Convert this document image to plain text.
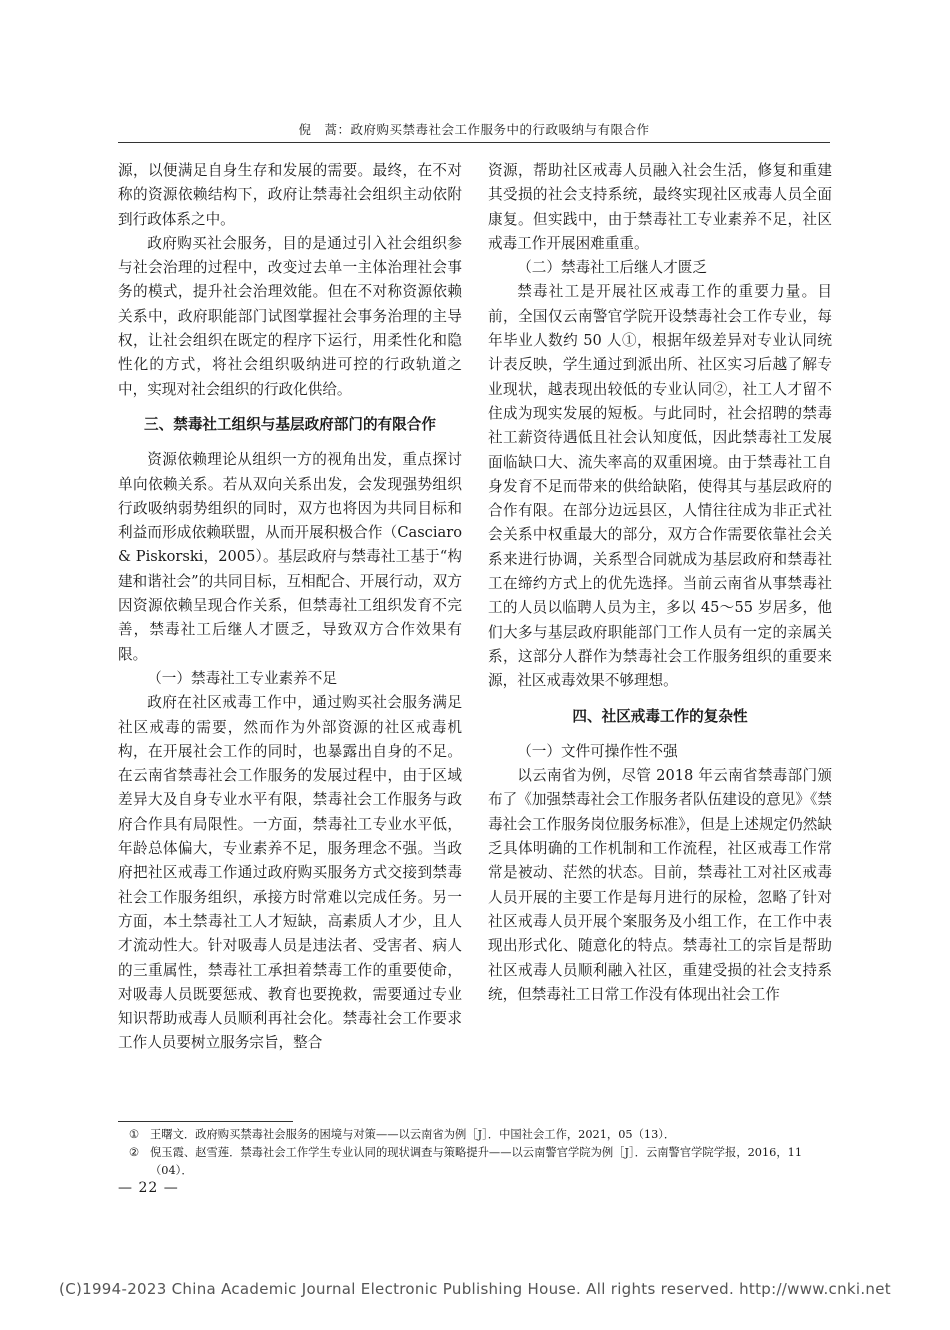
倪　蒿：政府购买禁毒社会工作服务中的行政吸纳与有限合作

源，以便满足自身生存和发展的需要。最终，在不对称的资源依赖结构下，政府让禁毒社会组织主动依附到行政体系之中。

政府购买社会服务，目的是通过引入社会组织参与社会治理的过程中，改变过去单一主体治理社会事务的模式，提升社会治理效能。但在不对称资源依赖关系中，政府职能部门试图掌握社会事务治理的主导权，让社会组织在既定的程序下运行，用柔性化和隐性化的方式，将社会组织吸纳进可控的行政轨道之中，实现对社会组织的行政化供给。

三、禁毒社工组织与基层政府部门的有限合作

资源依赖理论从组织一方的视角出发，重点探讨单向依赖关系。若从双向关系出发，会发现强势组织行政吸纳弱势组织的同时，双方也将因为共同目标和利益而形成依赖联盟，从而开展积极合作（Casciaro & Piskorski，2005）。基层政府与禁毒社工基于“构建和谐社会”的共同目标，互相配合、开展行动，双方因资源依赖呈现合作关系，但禁毒社工组织发育不完善，禁毒社工后继人才匮乏，导致双方合作效果有限。

（一）禁毒社工专业素养不足

政府在社区戒毒工作中，通过购买社会服务满足社区戒毒的需要，然而作为外部资源的社区戒毒机构，在开展社会工作的同时，也暴露出自身的不足。在云南省禁毒社会工作服务的发展过程中，由于区域差异大及自身专业水平有限，禁毒社会工作服务与政府合作具有局限性。一方面，禁毒社工专业水平低，年龄总体偏大，专业素养不足，服务理念不强。当政府把社区戒毒工作通过政府购买服务方式交接到禁毒社会工作服务组织，承接方时常难以完成任务。另一方面，本土禁毒社工人才短缺，高素质人才少，且人才流动性大。针对吸毒人员是违法者、受害者、病人的三重属性，禁毒社工承担着禁毒工作的重要使命，对吸毒人员既要惩戒、教育也要挽救，需要通过专业知识帮助戒毒人员顺利再社会化。禁毒社会工作要求工作人员要树立服务宗旨，整合

资源，帮助社区戒毒人员融入社会生活，修复和重建其受损的社会支持系统，最终实现社区戒毒人员全面康复。但实践中，由于禁毒社工专业素养不足，社区戒毒工作开展困难重重。

（二）禁毒社工后继人才匮乏

禁毒社工是开展社区戒毒工作的重要力量。目前，全国仅云南警官学院开设禁毒社会工作专业，每年毕业人数约 50 人①，根据年级差异对专业认同统计表反映，学生通过到派出所、社区实习后越了解专业现状，越表现出较低的专业认同②，社工人才留不住成为现实发展的短板。与此同时，社会招聘的禁毒社工薪资待遇低且社会认知度低，因此禁毒社工发展面临缺口大、流失率高的双重困境。由于禁毒社工自身发育不足而带来的供给缺陷，使得其与基层政府的合作有限。在部分边远县区，人情往往成为非正式社会关系中权重最大的部分，双方合作需要依靠社会关系来进行协调，关系型合同就成为基层政府和禁毒社工在缔约方式上的优先选择。当前云南省从事禁毒社工的人员以临聘人员为主，多以 45～55 岁居多，他们大多与基层政府职能部门工作人员有一定的亲属关系，这部分人群作为禁毒社会工作服务组织的重要来源，社区戒毒效果不够理想。

四、社区戒毒工作的复杂性

（一）文件可操作性不强

以云南省为例，尽管 2018 年云南省禁毒部门颁布了《加强禁毒社会工作服务者队伍建设的意见》《禁毒社会工作服务岗位服务标准》，但是上述规定仍然缺乏具体明确的工作机制和工作流程，社区戒毒工作常常是被动、茫然的状态。目前，禁毒社工对社区戒毒人员开展的主要工作是每月进行的尿检，忽略了针对社区戒毒人员开展个案服务及小组工作，在工作中表现出形式化、随意化的特点。禁毒社工的宗旨是帮助社区戒毒人员顺利融入社区，重建受损的社会支持系统，但禁毒社工日常工作没有体现出社会工作

① 王曙文．政府购买禁毒社会服务的困境与对策——以云南省为例［J］．中国社会工作，2021，05（13）．
② 倪玉霞、赵雪莲．禁毒社会工作学生专业认同的现状调查与策略提升——以云南警官学院为例［J］．云南警官学院学报，2016，11（04）．
— 22 —
(C)1994-2023 China Academic Journal Electronic Publishing House. All rights reserved. http://www.cnki.net
